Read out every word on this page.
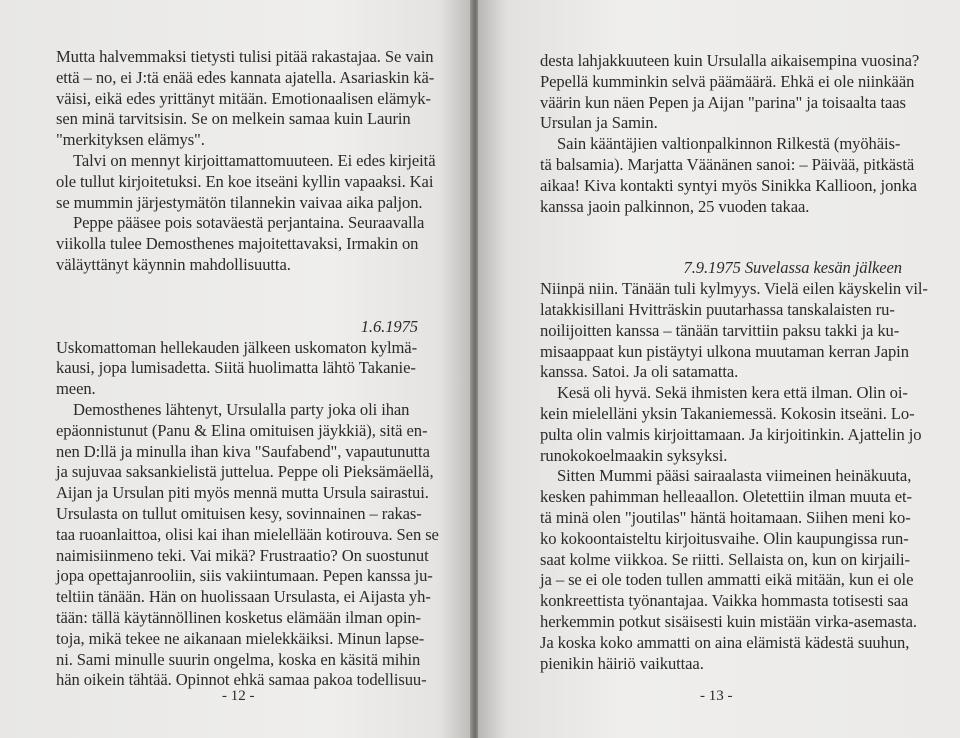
Mutta halvemmaksi tietysti tulisi pitää rakastajaa. Se vain
että – no, ei J:tä enää edes kannata ajatella. Asariaskin kä-
väisi, eikä edes yrittänyt mitään. Emotionaalisen elämyk-
sen minä tarvitsisin. Se on melkein samaa kuin Laurin
"merkityksen elämys".
Talvi on mennyt kirjoittamattomuuteen. Ei edes kirjeitä
ole tullut kirjoitetuksi. En koe itseäni kyllin vapaaksi. Kai
se mummin järjestymätön tilannekin vaivaa aika paljon.
Peppe pääsee pois sotaväestä perjantaina. Seuraavalla
viikolla tulee Demosthenes majoitettavaksi, Irmakin on
väläyttänyt käynnin mahdollisuutta.
1.6.1975
Uskomattoman hellekauden jälkeen uskomaton kylmä-
kausi, jopa lumisadetta. Siitä huolimatta lähtö Takanie-
meen.
Demosthenes lähtenyt, Ursulalla party joka oli ihan
epäonnistunut (Panu & Elina omituisen jäykkiä), sitä en-
nen D:llä ja minulla ihan kiva "Saufabend", vapautunutta
ja sujuvaa saksankielistä juttelua. Peppe oli Pieksämäellä,
Aijan ja Ursulan piti myös mennä mutta Ursula sairastui.
Ursulasta on tullut omituisen kesy, sovinnainen – rakas-
taa ruoanlaittoa, olisi kai ihan mielellään kotirouva. Sen se
naimisiinmeno teki. Vai mikä? Frustraatio? On suostunut
jopa opettajanrooliin, siis vakiintumaan. Pepen kanssa ju-
teltiin tänään. Hän on huolissaan Ursulasta, ei Aijasta yh-
tään: tällä käytännöllinen kosketus elämään ilman opin-
toja, mikä tekee ne aikanaan mielekkäiksi. Minun lapse-
ni. Sami minulle suurin ongelma, koska en käsitä mihin
hän oikein tähtää. Opinnot ehkä samaa pakoa todellisuu-
- 12 -
desta lahjakkuuteen kuin Ursulalla aikaisempina vuosina?
Pepellä kumminkin selvä päämäärä. Ehkä ei ole niinkään
väärin kun näen Pepen ja Aijan "parina" ja toisaalta taas
Ursulan ja Samin.
Sain kääntäjien valtionpalkinnon Rilkestä (myöhäis-
tä balsamia). Marjatta Väänänen sanoi: – Päivää, pitkästä
aikaa! Kiva kontakti syntyi myös Sinikka Kallioon, jonka
kanssa jaoin palkinnon, 25 vuoden takaa.
7.9.1975 Suvelassa kesän jälkeen
Niinpä niin. Tänään tuli kylmyys. Vielä eilen käyskelin vil-
latakkisillani Hvitträskin puutarhassa tanskalaisten ru-
noilijoitten kanssa – tänään tarvittiin paksu takki ja ku-
misaappaat kun pistäytyi ulkona muutaman kerran Japin
kanssa. Satoi. Ja oli satamatta.
Kesä oli hyvä. Sekä ihmisten kera että ilman. Olin oi-
kein mielelläni yksin Takaniemessä. Kokosin itseäni. Lo-
pulta olin valmis kirjoittamaan. Ja kirjoitinkin. Ajattelin jo
runokokoelmaakin syksyksi.
Sitten Mummi pääsi sairaalasta viimeinen heinäkuuta,
kesken pahimman helleaallon. Oletettiin ilman muuta et-
tä minä olen "joutilas" häntä hoitamaan. Siihen meni ko-
ko kokoontaisteltu kirjoitusvaihe. Olin kaupungissa run-
saat kolme viikkoa. Se riitti. Sellaista on, kun on kirjaili-
ja – se ei ole toden tullen ammatti eikä mitään, kun ei ole
konkreettista työnantajaa. Vaikka hommasta totisesti saa
herkemmin potkut sisäisesti kuin mistään virka-asemasta.
Ja koska koko ammatti on aina elämistä kädestä suuhun,
pienikin häiriö vaikuttaa.
- 13 -
